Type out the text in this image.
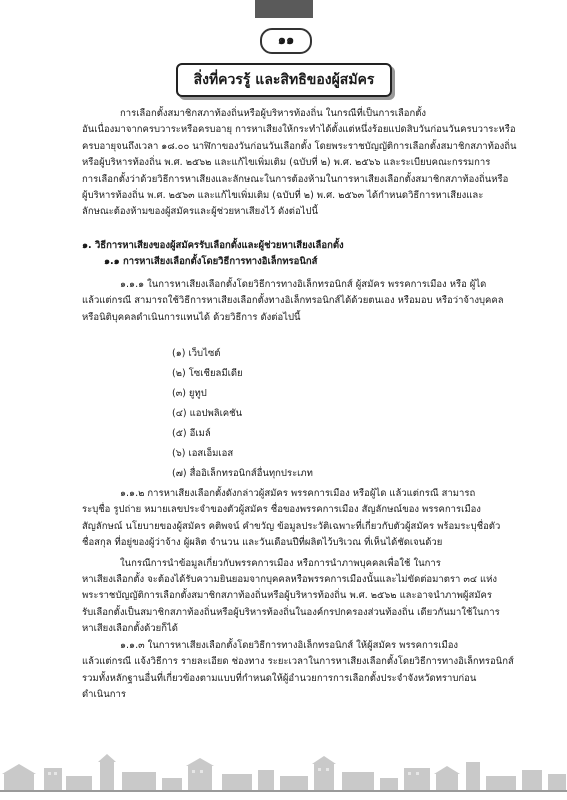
๑๑
สิ่งที่ควรรู้ และสิทธิของผู้สมัคร

การเลือกตั้งสมาชิกสภาท้องถิ่นหรือผู้บริหารท้องถิ่น ในกรณีที่เป็นการเลือกตั้ง

อันเนื่องมาจากครบวาระหรือครบอายุ การหาเสียงให้กระทำได้ตั้งแต่หนึ่งร้อยแปดสิบวันก่อนวันครบวาระหรือ

ครบอายุจนถึงเวลา ๑๘.๐๐ นาฬิกาของวันก่อนวันเลือกตั้ง โดยพระราชบัญญัติการเลือกตั้งสมาชิกสภาท้องถิ่น

หรือผู้บริหารท้องถิ่น พ.ศ. ๒๕๖๒ และแก้ไขเพิ่มเติม (ฉบับที่ ๒) พ.ศ. ๒๕๖๖ และระเบียบคณะกรรมการ

การเลือกตั้งว่าด้วยวิธีการหาเสียงและลักษณะในการต้องห้ามในการหาเสียงเลือกตั้งสมาชิกสภาท้องถิ่นหรือ

ผู้บริหารท้องถิ่น พ.ศ. ๒๕๖๓ และแก้ไขเพิ่มเติม (ฉบับที่ ๒) พ.ศ. ๒๕๖๓ ได้กำหนดวิธีการหาเสียงและ

ลักษณะต้องห้ามของผู้สมัครและผู้ช่วยหาเสียงไว้ ดังต่อไปนี้

๑. วิธีการหาเสียงของผู้สมัครรับเลือกตั้งและผู้ช่วยหาเสียงเลือกตั้ง

๑.๑ การหาเสียงเลือกตั้งโดยวิธีการทางอิเล็กทรอนิกส์

๑.๑.๑ ในการหาเสียงเลือกตั้งโดยวิธีการทางอิเล็กทรอนิกส์ ผู้สมัคร พรรคการเมือง หรือ ผู้ได

แล้วแต่กรณี สามารถใช้วิธีการหาเสียงเลือกตั้งทางอิเล็กทรอนิกส์ได้ด้วยตนเอง หรือมอบ หรือว่าจ้างบุคคล

หรือนิติบุคคลดำเนินการแทนได้ ด้วยวิธีการ ดังต่อไปนี้

(๑) เว็บไซต์
(๒) โซเชียลมีเดีย
(๓) ยูทูป
(๔) แอปพลิเคชัน
(๕) อีเมล์
(๖) เอสเอ็มเอส
(๗) สื่ออิเล็กทรอนิกส์อื่นทุกประเภท

๑.๑.๒ การหาเสียงเลือกตั้งดังกล่าวผู้สมัคร พรรคการเมือง หรือผู้ได แล้วแต่กรณี สามารถ

ระบุชื่อ รูปถ่าย หมายเลขประจำของตัวผู้สมัคร ชื่อของพรรคการเมือง สัญลักษณ์ของ พรรคการเมือง

สัญลักษณ์ นโยบายของผู้สมัคร คติพจน์ คำขวัญ ข้อมูลประวัติเฉพาะที่เกี่ยวกับตัวผู้สมัคร พร้อมระบุชื่อตัว

ชื่อสกุล ที่อยู่ของผู้ว่าจ้าง ผู้ผลิต จำนวน และวันเดือนปีที่ผลิตไว้บริเวณ ที่เห็นได้ชัดเจนด้วย

ในกรณีการนำข้อมูลเกี่ยวกับพรรคการเมือง หรือการนำภาพบุคคลเพื่อใช้ ในการ

หาเสียงเลือกตั้ง จะต้องได้รับความยินยอมจากบุคคลหรือพรรคการเมืองนั้นและไม่ขัดต่อมาตรา ๓๔ แห่ง

พระราชบัญญัติการเลือกตั้งสมาชิกสภาท้องถิ่นหรือผู้บริหารท้องถิ่น พ.ศ. ๒๕๖๒ และอาจนำภาพผู้สมัคร

รับเลือกตั้งเป็นสมาชิกสภาท้องถิ่นหรือผู้บริหารท้องถิ่นในองค์กรปกครองส่วนท้องถิ่น เดียวกันมาใช้ในการ

หาเสียงเลือกตั้งด้วยก็ได้

๑.๑.๓ ในการหาเสียงเลือกตั้งโดยวิธีการทางอิเล็กทรอนิกส์ ให้ผู้สมัคร พรรคการเมือง

แล้วแต่กรณี แจ้งวิธีการ รายละเอียด ช่องทาง ระยะเวลาในการหาเสียงเลือกตั้งโดยวิธีการทางอิเล็กทรอนิกส์

รวมทั้งหลักฐานอื่นที่เกี่ยวข้องตามแบบที่กำหนดให้ผู้อำนวยการการเลือกตั้งประจำจังหวัดทราบก่อน

ดำเนินการ
